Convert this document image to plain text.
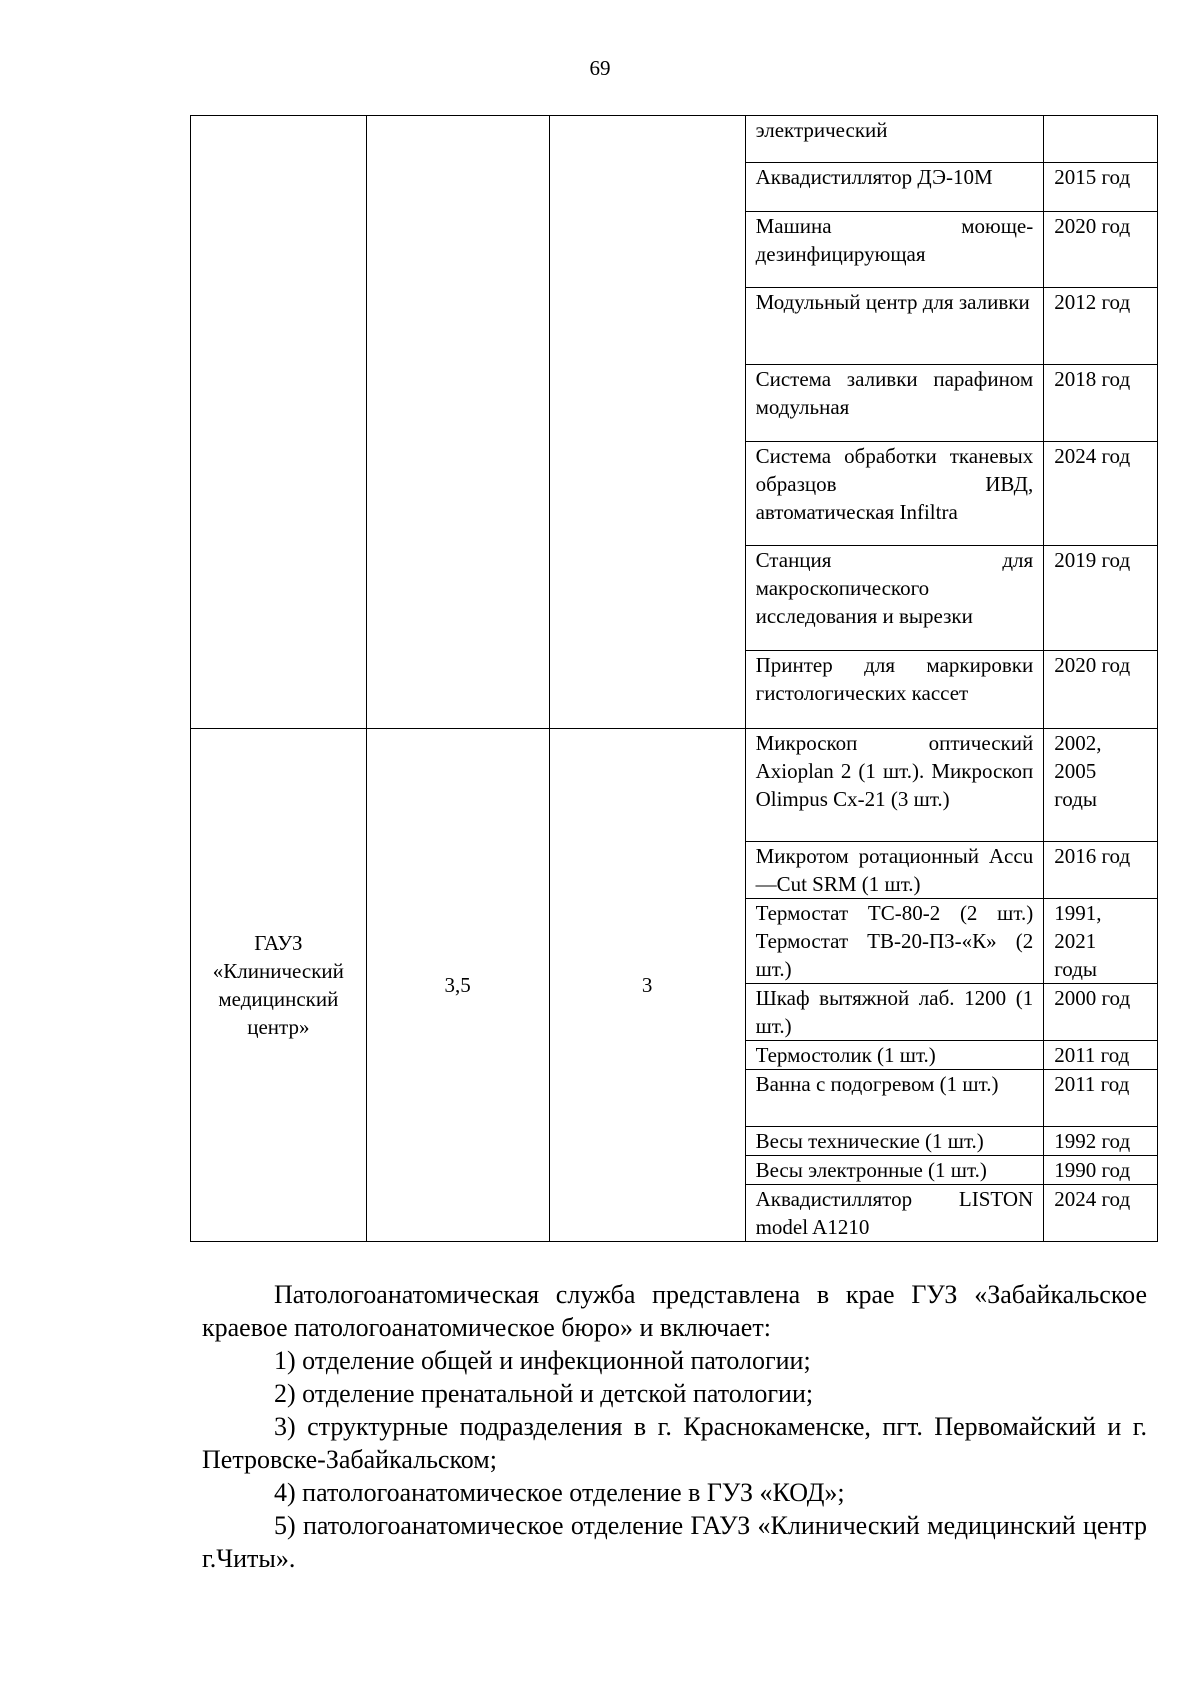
69
			электрический	
			Аквадистиллятор ДЭ-10М	2015 год
			Машина моюще-дезинфицирующая	2020 год
			Модульный центр для заливки	2012 год
			Система заливки парафином модульная	2018 год
			Система обработки тканевых образцов ИВД, автоматическая Infiltra	2024 год
			Станция для макроскопического исследования и вырезки	2019 год
			Принтер для маркировки гистологических кассет	2020 год
ГАУЗ «Клинический медицинский центр»	3,5	3	Микроскоп оптический Axioplan 2 (1 шт.). Микроскоп Olimpus Cx-21 (3 шт.)	2002,
2005
годы
			Микротом ротационный Accu—Cut SRM (1 шт.)	2016 год
			Термостат ТС-80-2 (2 шт.) Термостат ТВ-20-ПЗ-«К» (2 шт.)	1991,
2021
годы
			Шкаф вытяжной лаб. 1200 (1 шт.)	2000 год
			Термостолик (1 шт.)	2011 год
			Ванна с подогревом (1 шт.)	2011 год
			Весы технические (1 шт.)	1992 год
			Весы электронные (1 шт.)	1990 год
			Аквадистиллятор LISTON model A1210	2024 год

Патологоанатомическая служба представлена в крае ГУЗ «Забайкальское краевое патологоанатомическое бюро» и включает:

1) отделение общей и инфекционной патологии;

2) отделение пренатальной и детской патологии;

3) структурные подразделения в г. Краснокаменске, пгт. Первомайский и г. Петровске-Забайкальском;

4) патологоанатомическое отделение в ГУЗ «КОД»;

5) патологоанатомическое отделение ГАУЗ «Клинический медицинский центр г.Читы».
